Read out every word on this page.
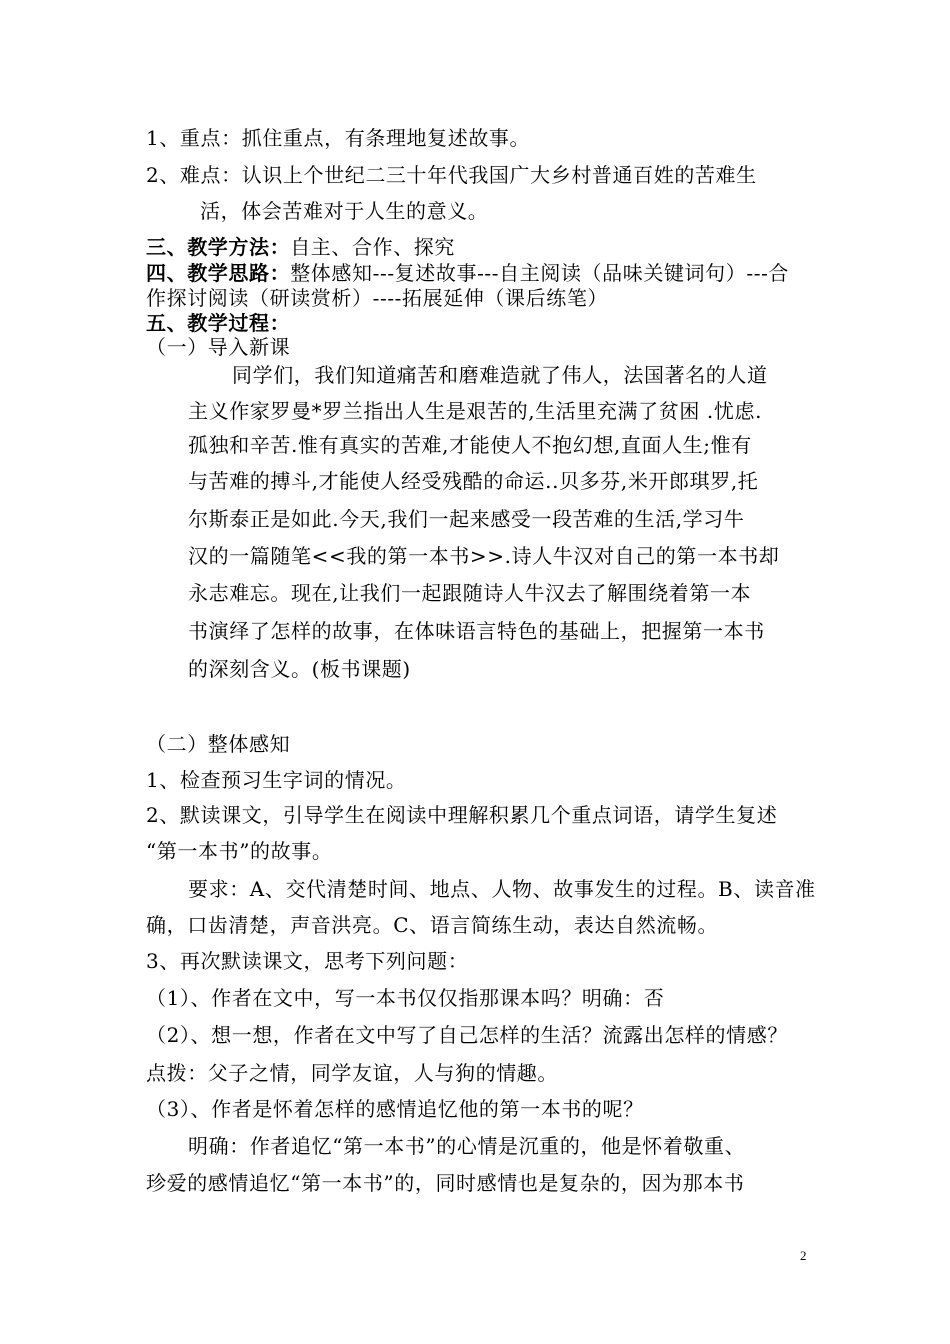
1、重点：抓住重点，有条理地复述故事。
2、难点：认识上个世纪二三十年代我国广大乡村普通百姓的苦难生
活，体会苦难对于人生的意义。
三、教学方法：自主、合作、探究
四、教学思路：整体感知---复述故事---自主阅读（品味关键词句）---合
作探讨阅读（研读赏析）----拓展延伸（课后练笔）
五、教学过程：
（一）导入新课
同学们，我们知道痛苦和磨难造就了伟人，法国著名的人道
主义作家罗曼*罗兰指出人生是艰苦的,生活里充满了贫困 .忧虑.
孤独和辛苦.惟有真实的苦难,才能使人不抱幻想,直面人生;惟有
与苦难的搏斗,才能使人经受残酷的命运..贝多芬,米开郎琪罗,托
尔斯泰正是如此.今天,我们一起来感受一段苦难的生活,学习牛
汉的一篇随笔<<我的第一本书>>.诗人牛汉对自己的第一本书却
永志难忘。现在,让我们一起跟随诗人牛汉去了解围绕着第一本
书演绎了怎样的故事，在体味语言特色的基础上，把握第一本书
的深刻含义。(板书课题)
（二）整体感知
1、检查预习生字词的情况。
2、默读课文，引导学生在阅读中理解积累几个重点词语，请学生复述
“第一本书”的故事。
要求：A、交代清楚时间、地点、人物、故事发生的过程。B、读音准
确，口齿清楚，声音洪亮。C、语言简练生动，表达自然流畅。
3、再次默读课文，思考下列问题：
（1）、作者在文中，写一本书仅仅指那课本吗？明确：否
（2）、想一想，作者在文中写了自己怎样的生活？流露出怎样的情感？
点拨：父子之情，同学友谊，人与狗的情趣。
（3）、作者是怀着怎样的感情追忆他的第一本书的呢？
明确：作者追忆“第一本书”的心情是沉重的，他是怀着敬重、
珍爱的感情追忆“第一本书”的，同时感情也是复杂的，因为那本书
2
